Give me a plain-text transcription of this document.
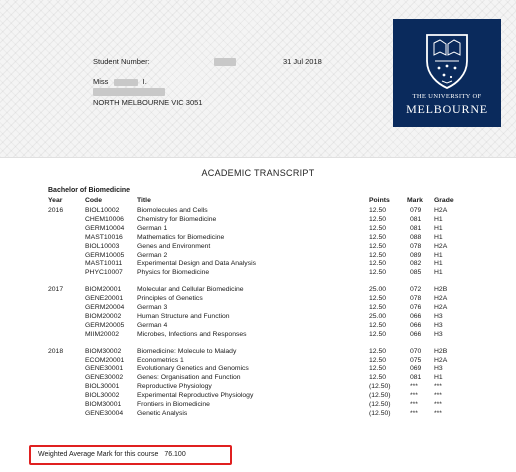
Student Number:	31 Jul 2018
Miss	I.
NORTH MELBOURNE VIC 3051
THE UNIVERSITY OF
MELBOURNE
ACADEMIC TRANSCRIPT
Bachelor of Biomedicine
Year	Code	Title	Points	Mark Grade
2016	BIOL10002	Biomolecules and Cells	12.50	079 H2A
CHEM10006 Chemistry for Biomedicine	12.50	081 H1
GERM10004 German 1	12.50	081 H1
MAST10016 Mathematics for Biomedicine	12.50	088 H1
BIOL10003	Genes and Environment	12.50	078 H2A
GERM10005 German 2	12.50	089 H1
MAST10011 Experimental Design and Data Analysis	12.50	082 H1
PHYC10007 Physics for Biomedicine	12.50	085 H1
2017	BIOM20001 Molecular and Cellular Biomedicine	25.00	072 H2B
GENE20001 Principles of Genetics	12.50	078 H2A
GERM20004 German 3	12.50	076 H2A
BIOM20002 Human Structure and Function	25.00	066 H3
GERM20005 German 4	12.50	066 H3
MIIM20002	Microbes, Infections and Responses	12.50	066 H3
2018	BIOM30002 Biomedicine: Molecule to Malady	12.50	070 H2B
ECOM20001 Econometrics 1	12.50	075 H2A
GENE30001 Evolutionary Genetics and Genomics	12.50	069 H3
GENE30002 Genes: Organisation and Function	12.50	081 H1
BIOL30001	Reproductive Physiology	(12.50)	*** ***
BIOL30002	Experimental Reproductive Physiology	(12.50)	*** ***
BIOM30001 Frontiers in Biomedicine	(12.50)	*** ***
GENE30004 Genetic Analysis	(12.50)	*** ***
Weighted Average Mark for this course 76.100
